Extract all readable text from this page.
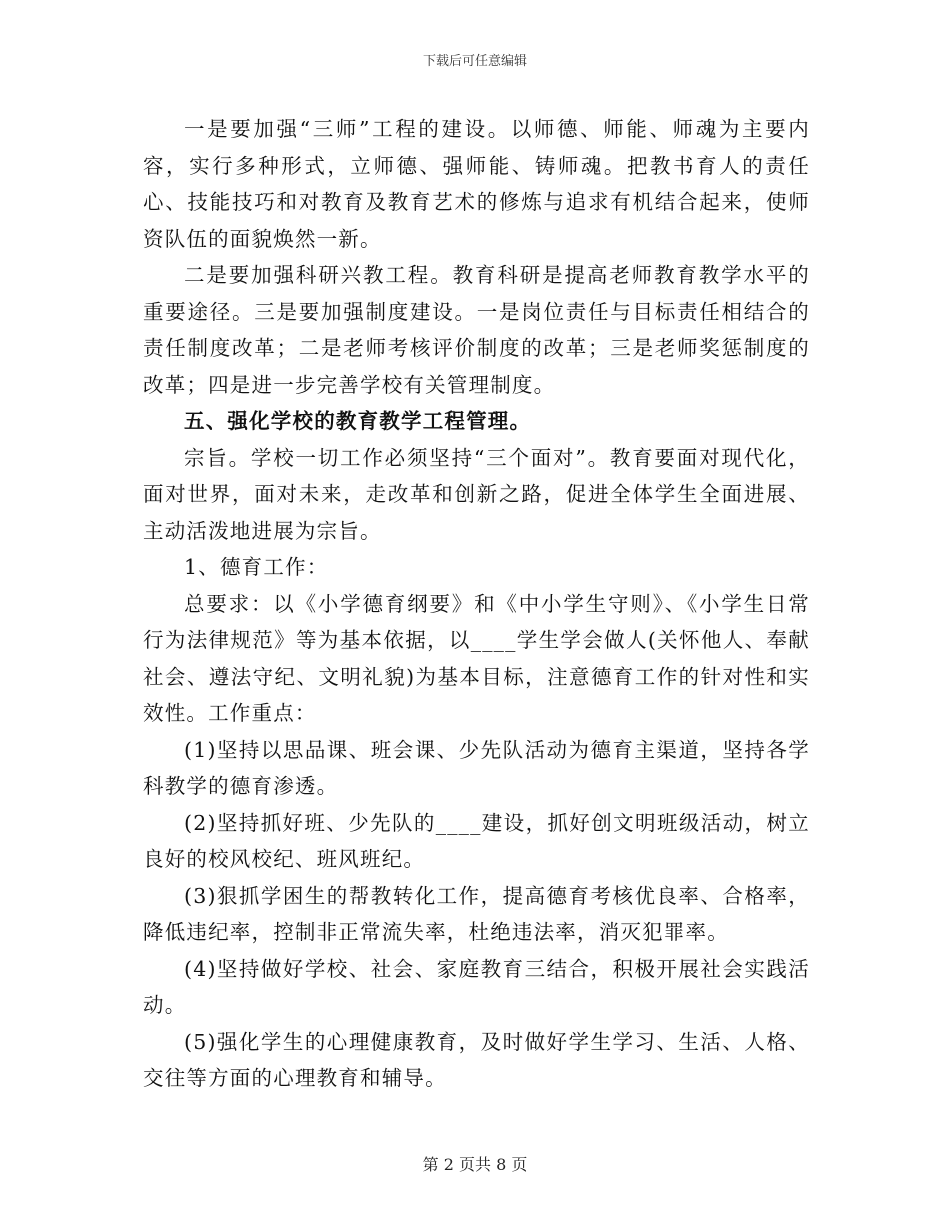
下载后可任意编辑

一是要加强“三师”工程的建设。以师德、师能、师魂为主要内容，实行多种形式，立师德、强师能、铸师魂。把教书育人的责任心、技能技巧和对教育及教育艺术的修炼与追求有机结合起来，使师资队伍的面貌焕然一新。

二是要加强科研兴教工程。教育科研是提高老师教育教学水平的重要途径。三是要加强制度建设。一是岗位责任与目标责任相结合的责任制度改革；二是老师考核评价制度的改革；三是老师奖惩制度的改革；四是进一步完善学校有关管理制度。

五、强化学校的教育教学工程管理。

宗旨。学校一切工作必须坚持“三个面对”。教育要面对现代化，面对世界，面对未来，走改革和创新之路，促进全体学生全面进展、主动活泼地进展为宗旨。

1、德育工作：

总要求：以《小学德育纲要》和《中小学生守则》、《小学生日常行为法律规范》等为基本依据，以____学生学会做人(关怀他人、奉献社会、遵法守纪、文明礼貌)为基本目标，注意德育工作的针对性和实效性。工作重点：

(1)坚持以思品课、班会课、少先队活动为德育主渠道，坚持各学科教学的德育渗透。

(2)坚持抓好班、少先队的____建设，抓好创文明班级活动，树立良好的校风校纪、班风班纪。

(3)狠抓学困生的帮教转化工作，提高德育考核优良率、合格率，降低违纪率，控制非正常流失率，杜绝违法率，消灭犯罪率。

(4)坚持做好学校、社会、家庭教育三结合，积极开展社会实践活动。

(5)强化学生的心理健康教育，及时做好学生学习、生活、人格、交往等方面的心理教育和辅导。

第 2 页共 8 页
